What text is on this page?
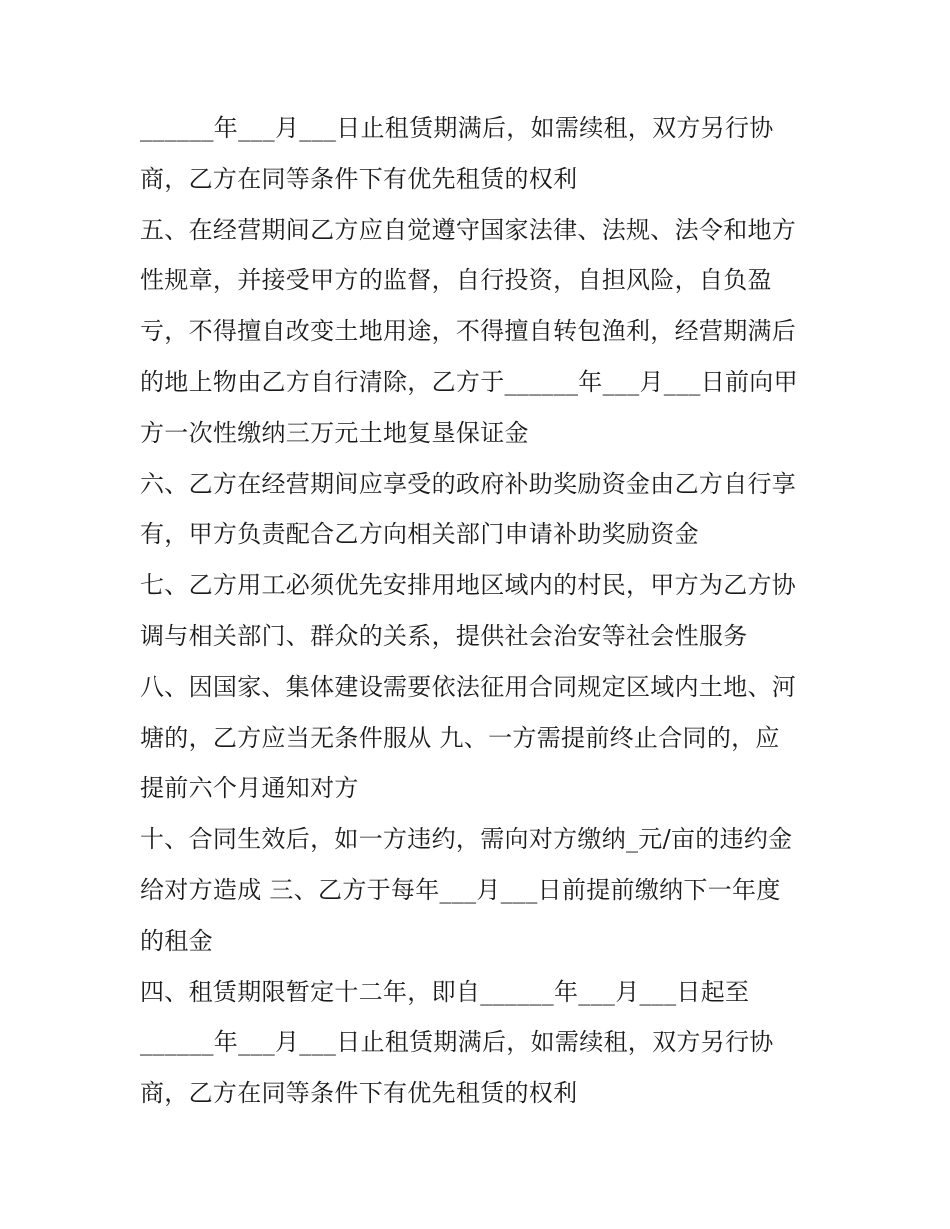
______年___月___日止租赁期满后，如需续租，双方另行协
商，乙方在同等条件下有优先租赁的权利
五、在经营期间乙方应自觉遵守国家法律、法规、法令和地方
性规章，并接受甲方的监督，自行投资，自担风险，自负盈
亏，不得擅自改变土地用途，不得擅自转包渔利，经营期满后
的地上物由乙方自行清除，乙方于______年___月___日前向甲
方一次性缴纳三万元土地复垦保证金
六、乙方在经营期间应享受的政府补助奖励资金由乙方自行享
有，甲方负责配合乙方向相关部门申请补助奖励资金
七、乙方用工必须优先安排用地区域内的村民，甲方为乙方协
调与相关部门、群众的关系，提供社会治安等社会性服务
八、因国家、集体建设需要依法征用合同规定区域内土地、河
塘的，乙方应当无条件服从 九、一方需提前终止合同的，应
提前六个月通知对方
十、合同生效后，如一方违约，需向对方缴纳_元/亩的违约金
给对方造成 三、乙方于每年___月___日前提前缴纳下一年度
的租金
四、租赁期限暂定十二年，即自______年___月___日起至
______年___月___日止租赁期满后，如需续租，双方另行协
商，乙方在同等条件下有优先租赁的权利
